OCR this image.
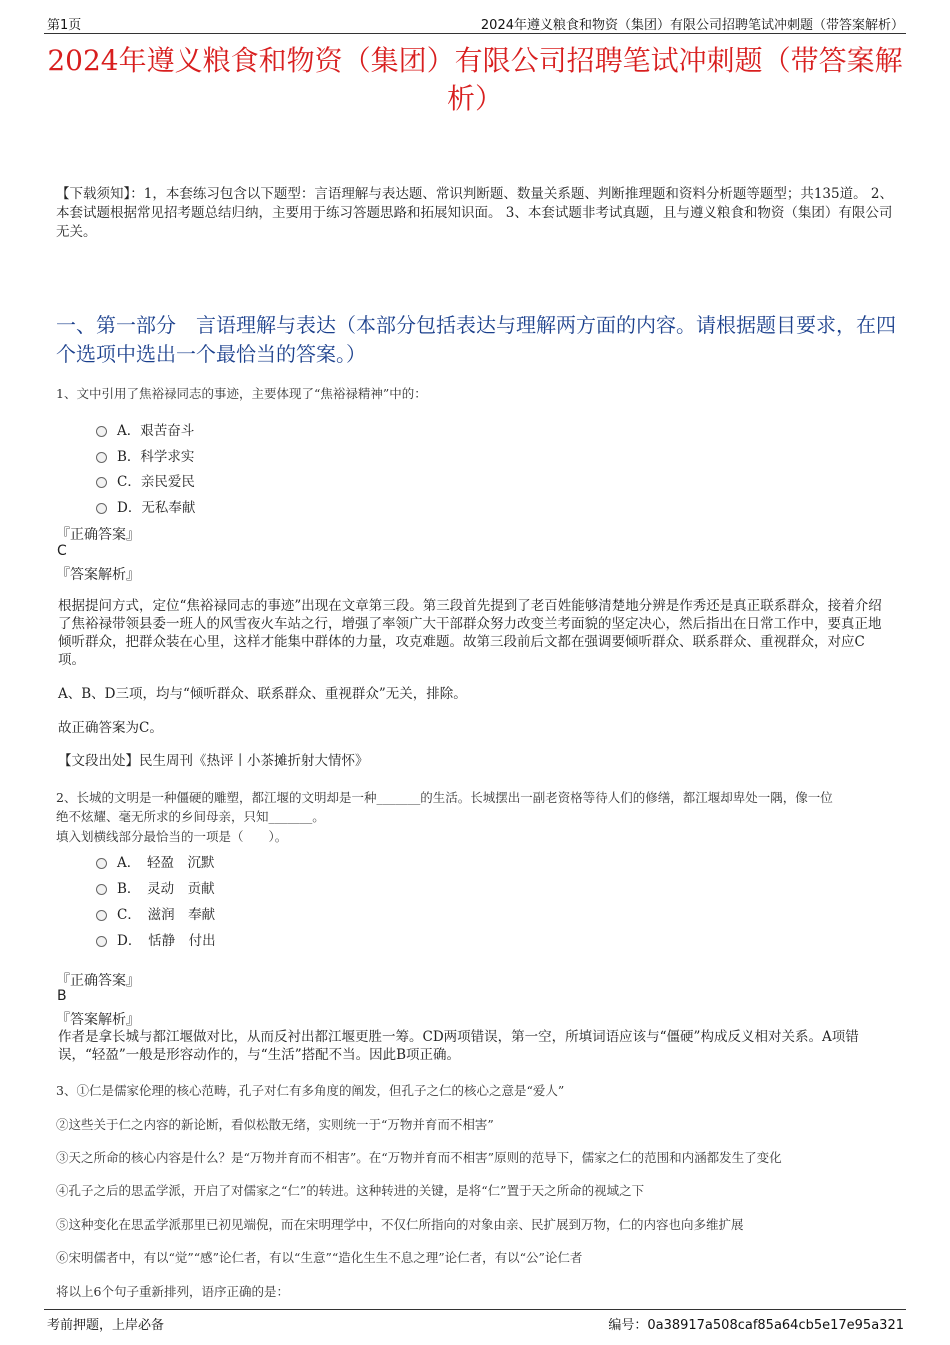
第1页	2024年遵义粮食和物资（集团）有限公司招聘笔试冲刺题（带答案解析）
2024年遵义粮食和物资（集团）有限公司招聘笔试冲刺题（带答案解析）
【下载须知】：1，本套练习包含以下题型：言语理解与表达题、常识判断题、数量关系题、判断推理题和资料分析题等题型；共135道。 2、本套试题根据常见招考题总结归纳，主要用于练习答题思路和拓展知识面。 3、本套试题非考试真题，且与遵义粮食和物资（集团）有限公司无关。
一、第一部分　言语理解与表达（本部分包括表达与理解两方面的内容。请根据题目要求，在四个选项中选出一个最恰当的答案。）
1、文中引用了焦裕禄同志的事迹，主要体现了“焦裕禄精神”中的：
A．艰苦奋斗
B．科学求实
C．亲民爱民
D．无私奉献
『正确答案』
C
『答案解析』
根据提问方式，定位“焦裕禄同志的事迹”出现在文章第三段。第三段首先提到了老百姓能够清楚地分辨是作秀还是真正联系群众，接着介绍了焦裕禄带领县委一班人的风雪夜火车站之行，增强了率领广大干部群众努力改变兰考面貌的坚定决心，然后指出在日常工作中，要真正地倾听群众，把群众装在心里，这样才能集中群体的力量，攻克难题。故第三段前后文都在强调要倾听群众、联系群众、重视群众，对应C项。
A、B、D三项，均与“倾听群众、联系群众、重视群众”无关，排除。
故正确答案为C。
【文段出处】民生周刊《热评丨小茶摊折射大情怀》
2、长城的文明是一种僵硬的雕塑，都江堰的文明却是一种_______的生活。长城摆出一副老资格等待人们的修缮，都江堰却卑处一隅，像一位
绝不炫耀、毫无所求的乡间母亲，只知_______。
填入划横线部分最恰当的一项是（　　）。
A．　轻盈　沉默
B．　灵动　贡献
C．　滋润　奉献
D．　恬静　付出
『正确答案』
B
『答案解析』
作者是拿长城与都江堰做对比，从而反衬出都江堰更胜一筹。CD两项错误，第一空，所填词语应该与“僵硬”构成反义相对关系。A项错误，“轻盈”一般是形容动作的，与“生活”搭配不当。因此B项正确。
3、①仁是儒家伦理的核心范畴，孔子对仁有多角度的阐发，但孔子之仁的核心之意是“爱人”
②这些关于仁之内容的新论断，看似松散无绪，实则统一于“万物并育而不相害”
③天之所命的核心内容是什么？是“万物并育而不相害”。在“万物并育而不相害”原则的范导下，儒家之仁的范围和内涵都发生了变化
④孔子之后的思孟学派，开启了对儒家之“仁”的转进。这种转进的关键，是将“仁”置于天之所命的视域之下
⑤这种变化在思孟学派那里已初见端倪，而在宋明理学中，不仅仁所指向的对象由亲、民扩展到万物，仁的内容也向多维扩展
⑥宋明儒者中，有以“觉”“感”论仁者，有以“生意”“造化生生不息之理”论仁者，有以“公”论仁者
将以上6个句子重新排列，语序正确的是：
考前押题，上岸必备	编号：0a38917a508caf85a64cb5e17e95a321
